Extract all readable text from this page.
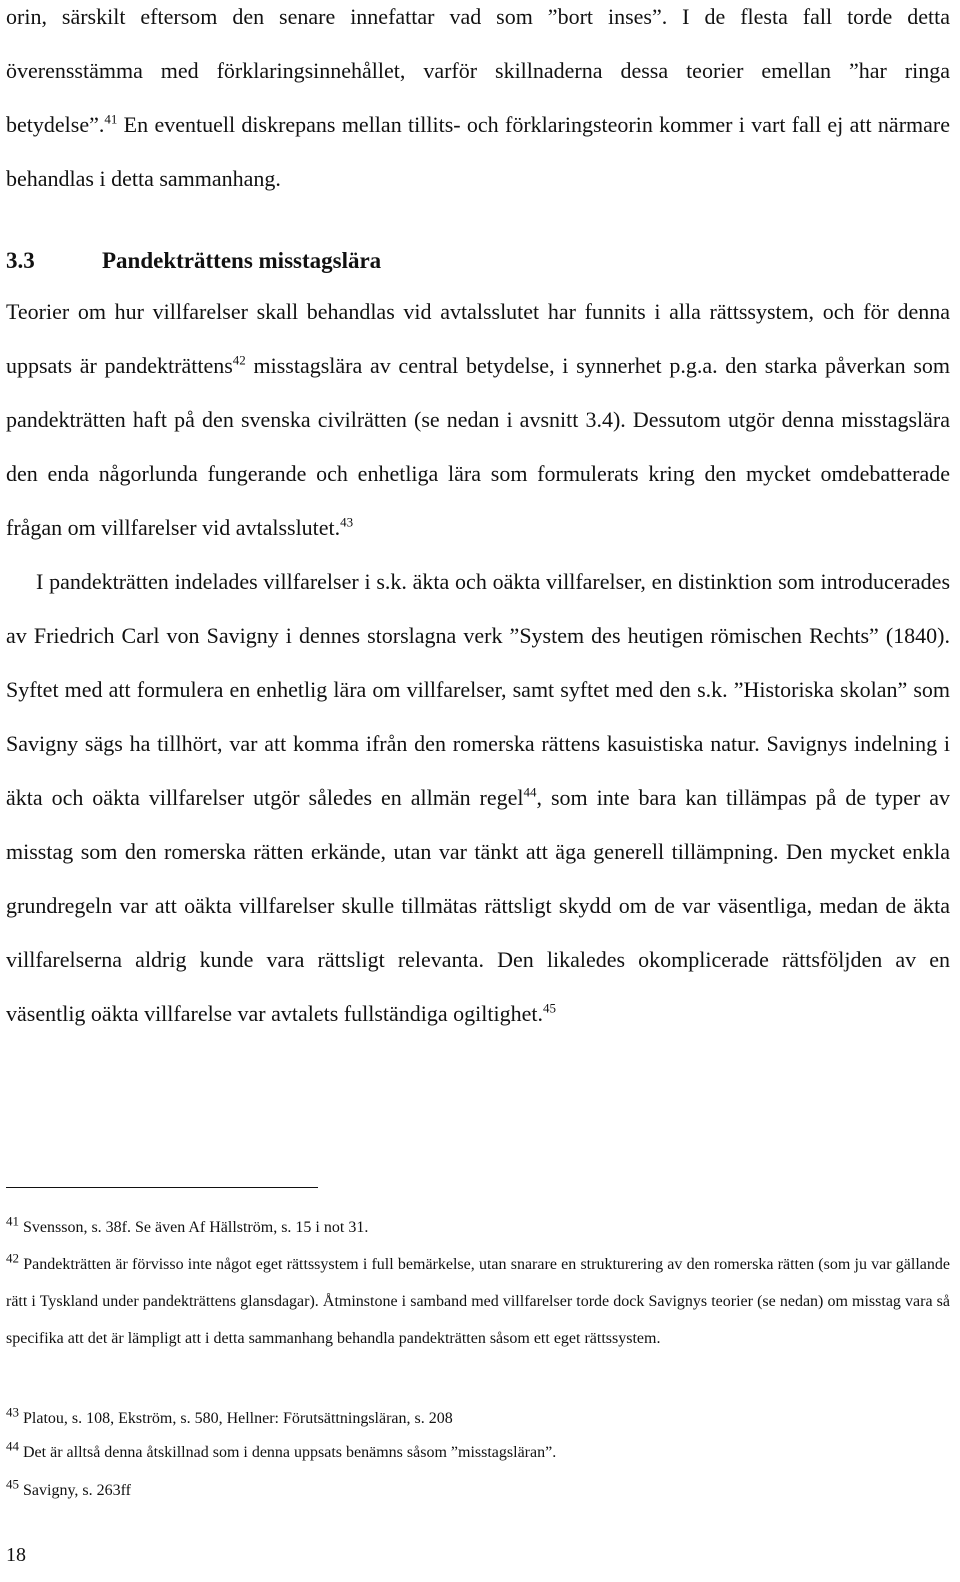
orin, särskilt eftersom den senare innefattar vad som ”bort inses”. I de flesta fall torde detta överensstämma med förklaringsinnehållet, varför skillnaderna dessa teorier emellan ”har ringa betydelse”.$^{41}$ En eventuell diskrepans mellan tillits- och förklaringsteorin kommer i vart fall ej att närmare behandlas i detta sammanhang.

3.3	Pandekträttens misstagslära

Teorier om hur villfarelser skall behandlas vid avtalsslutet har funnits i alla rättssystem, och för denna uppsats är pandekträttens$^{42}$ misstagslära av central betydelse, i synnerhet p.g.a. den starka påverkan som pandekträtten haft på den svenska civilrätten (se nedan i avsnitt 3.4). Dessutom utgör denna misstagslära den enda någorlunda fungerande och enhetliga lära som formulerats kring den mycket omdebatterade frågan om villfarelser vid avtalsslutet.$^{43}$

I pandekträtten indelades villfarelser i s.k. äkta och oäkta villfarelser, en distinktion som introducerades av Friedrich Carl von Savigny i dennes storslagna verk ”System des heutigen römischen Rechts” (1840). Syftet med att formulera en enhetlig lära om villfarelser, samt syftet med den s.k. ”Historiska skolan” som Savigny sägs ha tillhört, var att komma ifrån den romerska rättens kasuistiska natur. Savignys indelning i äkta och oäkta villfarelser utgör således en allmän regel$^{44}$, som inte bara kan tillämpas på de typer av misstag som den romerska rätten erkände, utan var tänkt att äga generell tillämpning. Den mycket enkla grundregeln var att oäkta villfarelser skulle tillmätas rättsligt skydd om de var väsentliga, medan de äkta villfarelserna aldrig kunde vara rättsligt relevanta. Den likaledes okomplicerade rättsföljden av en väsentlig oäkta villfarelse var avtalets fullständiga ogiltighet.$^{45}$

$^{41}$ Svensson, s. 38f. Se även Af Hällström, s. 15 i not 31.

$^{42}$ Pandekträtten är förvisso inte något eget rättssystem i full bemärkelse, utan snarare en strukturering av den romerska rätten (som ju var gällande rätt i Tyskland under pandekträttens glansdagar). Åtminstone i samband med villfarelser torde dock Savignys teorier (se nedan) om misstag vara så specifika att det är lämpligt att i detta sammanhang behandla pandekträtten såsom ett eget rättssystem.

$^{43}$ Platou, s. 108, Ekström, s. 580, Hellner: Förutsättningsläran, s. 208

$^{44}$ Det är alltså denna åtskillnad som i denna uppsats benämns såsom ”misstagsläran”.

$^{45}$ Savigny, s. 263ff

18
